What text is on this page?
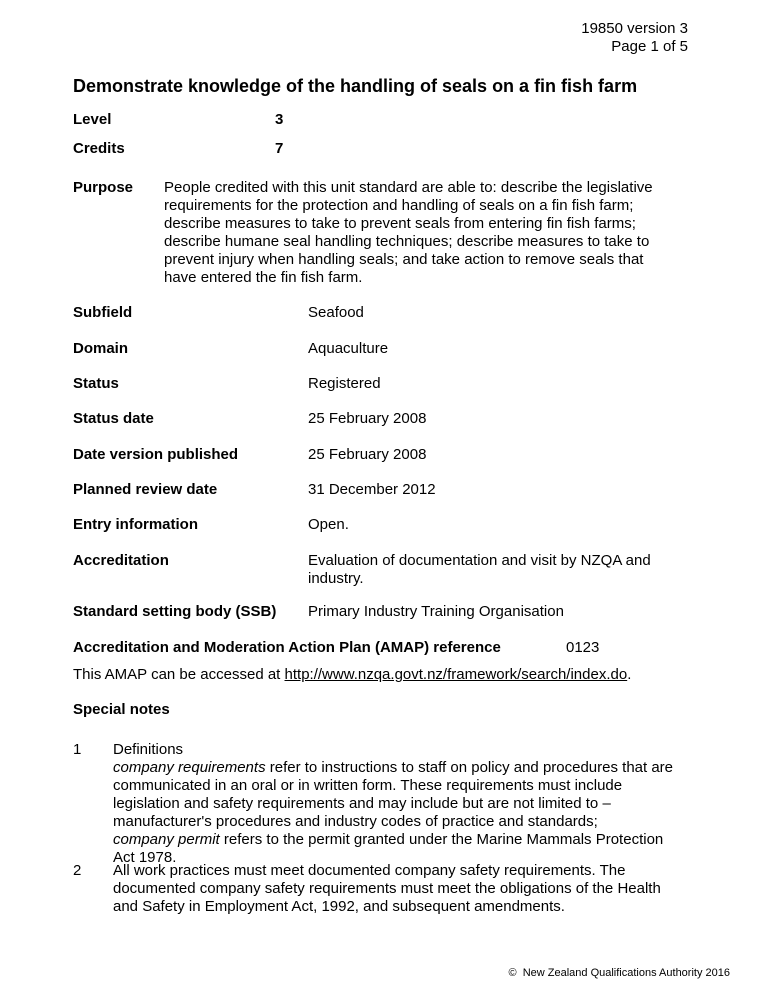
19850 version 3
Page 1 of 5
Demonstrate knowledge of the handling of seals on a fin fish farm
Level	3
Credits	7
Purpose People credited with this unit standard are able to: describe the legislative
requirements for the protection and handling of seals on a fin fish farm;
describe measures to take to prevent seals from entering fin fish farms;
describe humane seal handling techniques; describe measures to take to
prevent injury when handling seals; and take action to remove seals that
have entered the fin fish farm.
Subfield	Seafood
Domain	Aquaculture
Status	Registered
Status date	25 February 2008
Date version published	25 February 2008
Planned review date	31 December 2012
Entry information	Open.
Accreditation	Evaluation of documentation and visit by NZQA and
industry.
Standard setting body (SSB) Primary Industry Training Organisation
Accreditation and Moderation Action Plan (AMAP) reference	0123
This AMAP can be accessed at http://www.nzqa.govt.nz/framework/search/index.do.
Special notes
1 Definitions
company requirements refer to instructions to staff on policy and procedures that are
communicated in an oral or in written form. These requirements must include
legislation and safety requirements and may include but are not limited to –
manufacturer's procedures and industry codes of practice and standards;
company permit refers to the permit granted under the Marine Mammals Protection
Act 1978.
2 All work practices must meet documented company safety requirements. The
documented company safety requirements must meet the obligations of the Health
and Safety in Employment Act, 1992, and subsequent amendments.
© New Zealand Qualifications Authority 2016
